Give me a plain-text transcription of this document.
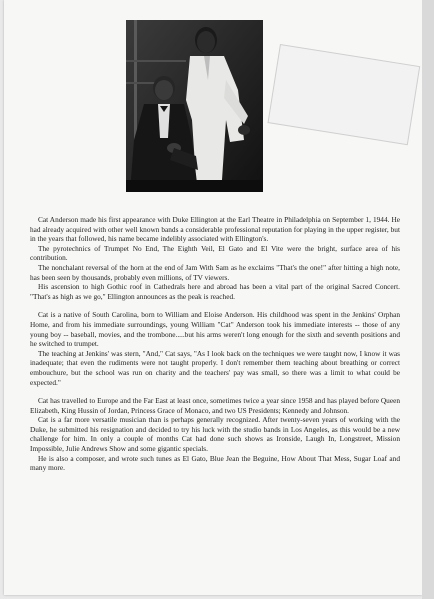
Cat Anderson made his first appearance with Duke Ellington at the Earl Theatre in Philadelphia on September 1, 1944. He had already acquired with other well known bands a considerable professional reputation for playing in the upper register, but in the years that followed, his name became indelibly associated with Ellington's.

The pyrotechnics of Trumpet No End, The Eighth Veil, El Gato and El Vite were the bright, surface area of his contribution.

The nonchalant reversal of the horn at the end of Jam With Sam as he exclaims "That's the one!" after hitting a high note, has been seen by thousands, probably even millions, of TV viewers.

His ascension to high Gothic roof in Cathedrals here and abroad has been a vital part of the original Sacred Concert. "That's as high as we go," Ellington announces as the peak is reached.

Cat is a native of South Carolina, born to William and Eloise Anderson. His childhood was spent in the Jenkins' Orphan Home, and from his immediate surroundings, young William "Cat" Anderson took his immediate interests -- those of any young boy -- baseball, movies, and the trombone.....but his arms weren't long enough for the sixth and seventh positions and he switched to trumpet.

The teaching at Jenkins' was stern, "And," Cat says, "As I look back on the techniques we were taught now, I know it was inadequate; that even the rudiments were not taught properly. I don't remember them teaching about breathing or correct embouchure, but the school was run on charity and the teachers' pay was small, so there was a limit to what could be expected."

Cat has travelled to Europe and the Far East at least once, sometimes twice a year since 1958 and has played before Queen Elizabeth, King Hussin of Jordan, Princess Grace of Monaco, and two US Presidents; Kennedy and Johnson.

Cat is a far more versatile musician than is perhaps generally recognized. After twenty-seven years of working with the Duke, he submitted his resignation and decided to try his luck with the studio bands in Los Angeles, as this would be a new challenge for him. In only a couple of months Cat had done such shows as Ironside, Laugh In, Longstreet, Mission Impossible, Julie Andrews Show and some gigantic specials.

He is also a composer, and wrote such tunes as El Gato, Blue Jean the Beguine, How About That Mess, Sugar Loaf and many more.
